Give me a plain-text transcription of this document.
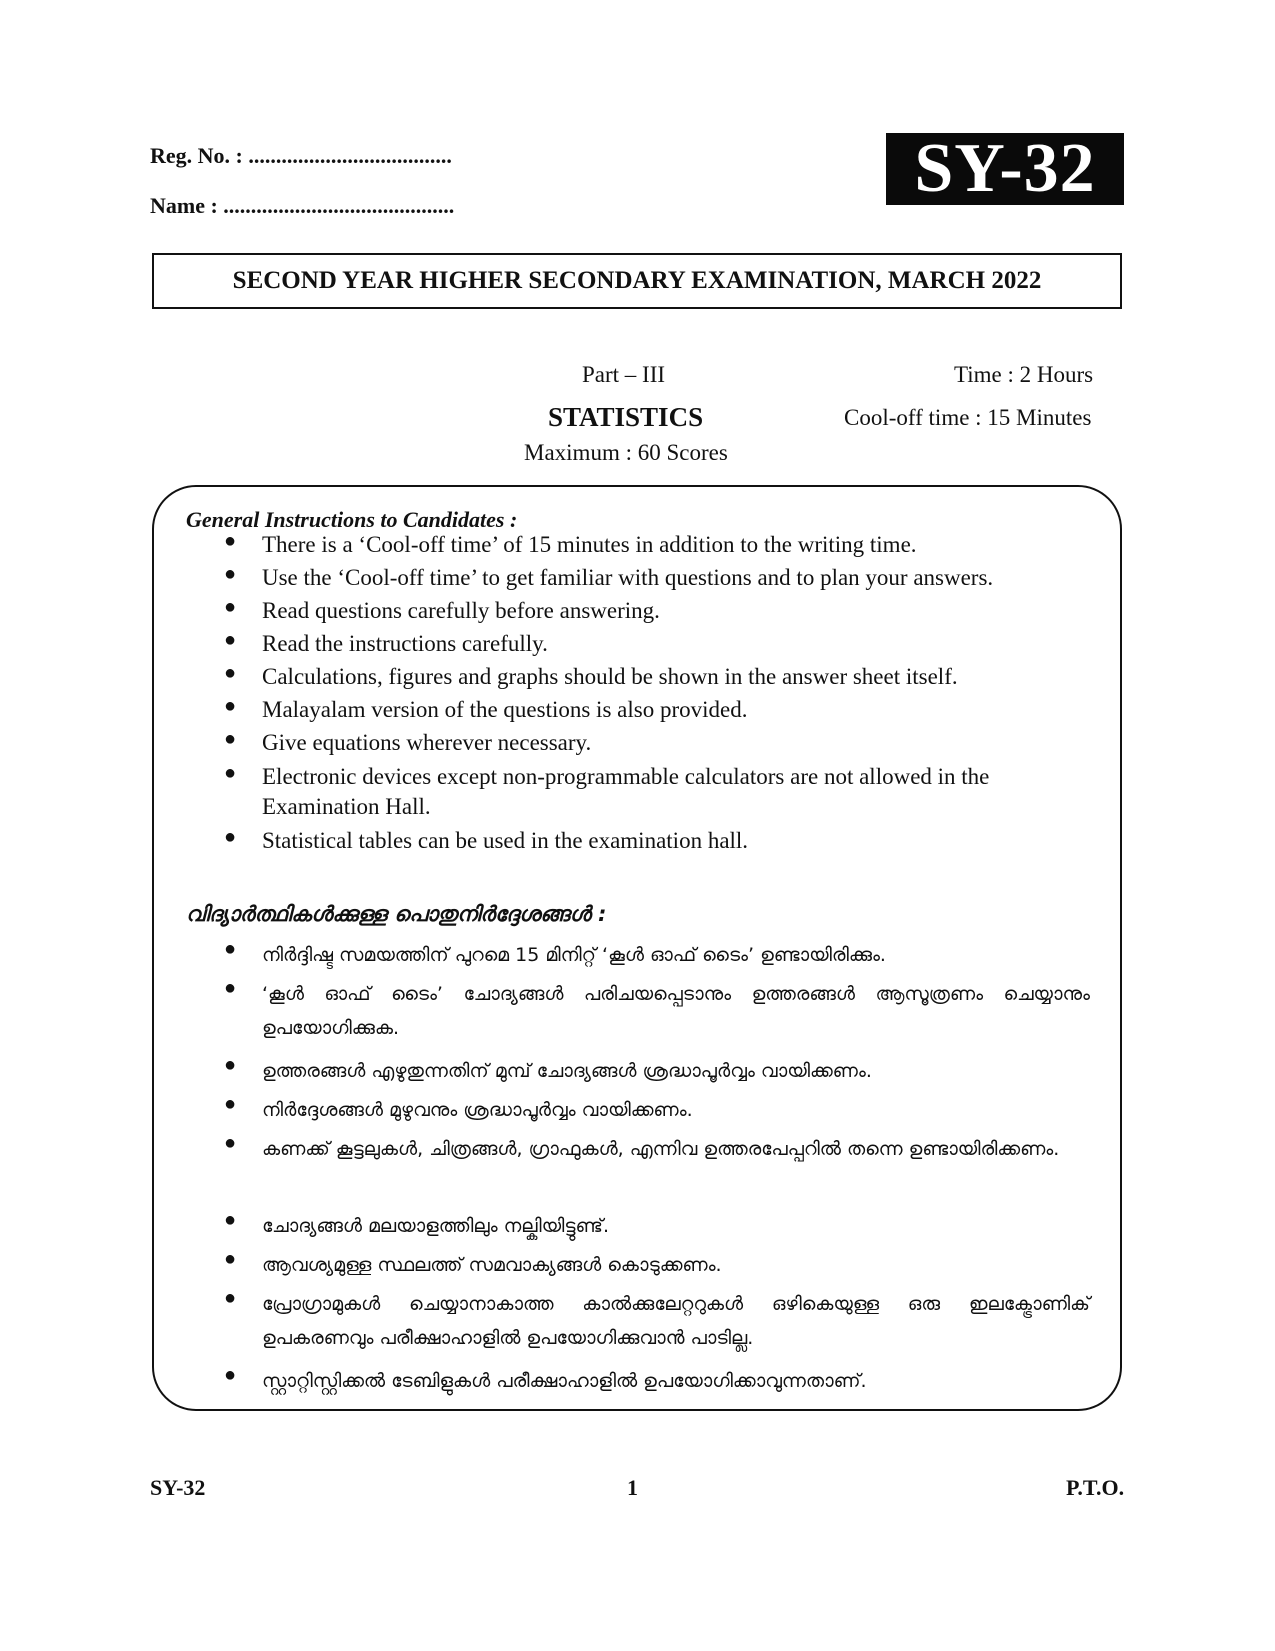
Reg. No. : .....................................
Name : ..........................................	SY-32
SECOND YEAR HIGHER SECONDARY EXAMINATION, MARCH 2022
Part – III
STATISTICS
Maximum : 60 Scores
Time : 2 Hours
Cool-off time : 15 Minutes
General Instructions to Candidates :
● There is a ‘Cool-off time’ of 15 minutes in addition to the writing time.
● Use the ‘Cool-off time’ to get familiar with questions and to plan your answers.
● Read questions carefully before answering.
● Read the instructions carefully.
● Calculations, figures and graphs should be shown in the answer sheet itself.
● Malayalam version of the questions is also provided.
● Give equations wherever necessary.
● Electronic devices except non-programmable calculators are not allowed in the Examination Hall.
● Statistical tables can be used in the examination hall.
വിദ്യാർത്ഥികൾക്കുള്ള പൊതുനിർദ്ദേശങ്ങൾ :
● നിർദ്ദിഷ്ട സമയത്തിന് പുറമെ 15 മിനിറ്റ് ‘കൂൾ ഓഫ് ടൈം’ ഉണ്ടായിരിക്കും.
● ‘കൂൾ ഓഫ് ടൈം’ ചോദ്യങ്ങൾ പരിചയപ്പെടാനും ഉത്തരങ്ങൾ ആസൂത്രണം ചെയ്യാനും ഉപയോഗിക്കുക.
● ഉത്തരങ്ങൾ എഴുതുന്നതിന് മുമ്പ് ചോദ്യങ്ങൾ ശ്രദ്ധാപൂർവ്വം വായിക്കണം.
● നിർദ്ദേശങ്ങൾ മുഴുവനും ശ്രദ്ധാപൂർവ്വം വായിക്കണം.
● കണക്ക് കൂട്ടലുകൾ, ചിത്രങ്ങൾ, ഗ്രാഫുകൾ, എന്നിവ ഉത്തരപേപ്പറിൽ തന്നെ ഉണ്ടായിരിക്കണം.
● ചോദ്യങ്ങൾ മലയാളത്തിലും നല്കിയിട്ടുണ്ട്.
● ആവശ്യമുള്ള സ്ഥലത്ത് സമവാക്യങ്ങൾ കൊടുക്കണം.
● പ്രോഗ്രാമുകൾ ചെയ്യാനാകാത്ത കാൽക്കുലേറ്ററുകൾ ഒഴികെയുള്ള ഒരു ഇലക്ട്രോണിക് ഉപകരണവും പരീക്ഷാഹാളിൽ ഉപയോഗിക്കുവാൻ പാടില്ല.
● സ്റ്റാറ്റിസ്റ്റിക്കൽ ടേബിളുകൾ പരീക്ഷാഹാളിൽ ഉപയോഗിക്കാവുന്നതാണ്.
SY-32	1	P.T.O.
